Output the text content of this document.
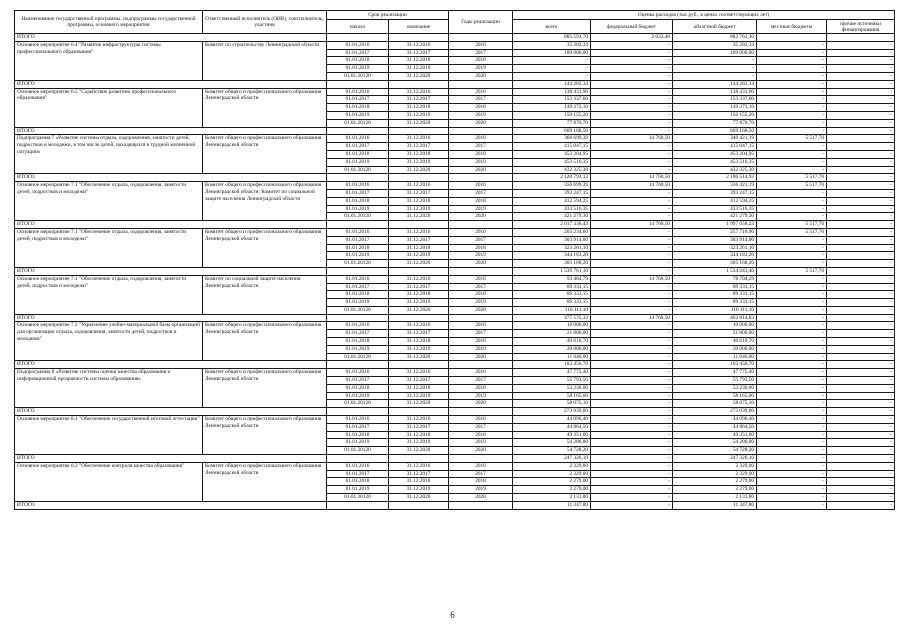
Наименование государственной программы, подпрограммы государственной программы, основного мероприятия	Ответственный исполнитель (ОИВ), соисполнитель, участник	Срок реализации		Годы реализации	Оценка расходов (тыс.руб., в ценах соответствующих лет)				
		начало	окончание		всего	федеральный бюджет	областной бюджет	местные бюджеты	прочие источники финансирования
ИТОГО					885 593,70	2 632,40	882 763,30		
Основное мероприятие 6.4 "Развитие инфраструктуры системы профессионального образования"	Комитет по строительству Ленинградской области	01.01.2016	31.12.2016	2016	35 282,34	-	35 282,34	-	-
		01.01.2017	31.12.2017	2017	109 000,00	-	109 000,00	-	-
		01.01.2018	31.12.2018	2018	-	-	-	-	-
		01.01.2019	31.12.2019	2019	-	-	-	-	-
		01.01.20120	31.12.2020	2020	-	-	-	-	-
ИТОГО					144 282,34	-	144 282,34	-	-
Основное мероприятие 6.5 "Содействие развитию профессионального образования"	Комитет общего и профессионального образования Ленинградской области	01.01.2016	31.12.2016	2016	138 431,90	-	138 431,90	-	-
		01.01.2017	31.12.2017	2017	153 337,60	-	153 337,60	-	-
		01.01.2018	31.12.2018	2018	149 373,10	-	149 373,10	-	-
		01.01.2019	31.12.2019	2019	150 155,20	-	150 155,20	-	-
		01.01.20120	31.12.2020	2020	77 870,70	-	77 870,70	-	-
ИТОГО					669 168,50	-	669 168,50	-	-
Подпрограмма 7 «Развитие системы отдыха, оздоровления, занятости детей, подростков и молодежи, в том числе детей, находящихся в трудной жизненной ситуации»	Комитет общего и профессионального образования Ленинградской области	01.01.2016	31.12.2016	2016	366 699,39	14 760,50	346 421,19	5 517,70	-
		01.01.2017	31.12.2017	2017	415 047,15	-	415 047,15	-	-
		01.01.2018	31.12.2018	2018	453 204,95	-	453 204,95	-	-
		01.01.2019	31.12.2019	2019	453 516,35	-	453 516,35	-	-
		01.01.20120	31.12.2020	2020	432 325,30	-	432 325,30	-	-
ИТОГО					2 120 793,13	14 760,50	2 100 514,93	5 517,70	-
Основное мероприятие 7.1 "Обеспечение отдыха, оздоровления, занятости детей, подростков и молодежи"	Комитет общего и профессионального образования Ленинградской области; Комитет по социальной защите населения Ленинградской области	01.01.2016	31.12.2016	2016	356 699,39	14 760,50	336 421,19	5 517,70	-
		01.01.2017	31.12.2017	2017	393 247,15	-	393 247,15	-	-
		01.01.2018	31.12.2018	2018	412 594,25	-	412 594,25	-	-
		01.01.2019	31.12.2019	2019	433 516,35	-	433 516,35	-	-
		01.01.20120	31.12.2020	2020	421 279,30	-	421 279,30	-	-
ИТОГО					2 017 336,43	14 760,50	1 997 058,23	5 517,70	-
Основное мероприятие 7.1 "Обеспечение отдыха, оздоровления, занятости детей, подростков и молодежи"	Комитет общего и профессионального образования Ленинградской области	01.01.2016	31.12.2016	2016	263 234,60	-	257 716,90	5 517,70	-
		01.01.2017	31.12.2017	2017	303 914,00	-	303 914,00	-	-
		01.01.2018	31.12.2018	2018	323 261,10	-	323 261,10	-	-
		01.01.2019	31.12.2019	2019	344 183,20	-	344 183,20	-	-
		01.01.20120	31.12.2020	2020	305 168,20	-	305 168,20	-	-
ИТОГО					1 539 761,10	-	1 534 243,40	5 517,70	-
Основное мероприятие 7.1 "Обеспечение отдыха, оздоровления, занятости детей, подростков и молодежи"	Комитет по социальной защите населения Ленинградской области	01.01.2016	31.12.2016	2016	93 464,79	14 760,50	78 704,29	-	-
		01.01.2017	31.12.2017	2017	89 333,15	-	89 333,15	-	-
		01.01.2018	31.12.2018	2018	89 333,15	-	89 333,15	-	-
		01.01.2019	31.12.2019	2019	89 333,15	-	89 333,15	-	-
		01.01.20120	31.12.2020	2020	116 111,10	-	116 111,10	-	-
ИТОГО					477 575,33	14 760,50	462 814,83	-	-
Основное мероприятие 7.2 "Укрепление учебно-материальной базы организаций для организации отдыха, оздоровления, занятости детей, подростков и молодежи"	Комитет общего и профессионального образования Ленинградской области	01.01.2016	31.12.2016	2016	10 000,00	-	10 000,00	-	-
		01.01.2017	31.12.2017	2017	21 800,00	-	21 800,00	-	-
		01.01.2018	31.12.2018	2018	40 610,70	-	40 610,70	-	-
		01.01.2019	31.12.2019	2019	20 000,00	-	20 000,00	-	-
		01.01.20120	31.12.2020	2020	11 046,00	-	11 046,00	-	-
ИТОГО					103 456,70	-	103 456,70	-	-
Подпрограмма 8 «Развитие системы оценки качества образования и информационной прозрачности системы образования»	Комитет общего и профессионального образования Ленинградской области	01.01.2016	31.12.2016	2016	47 775,40	-	47 775,40	-	-
		01.01.2017	31.12.2017	2017	55 793,50	-	55 793,50	-	-
		01.01.2018	31.12.2018	2018	53 230,00	-	53 230,00	-	-
		01.01.2019	31.12.2019	2019	58 165,00	-	58 165,00	-	-
		01.01.20120	31.12.2020	2020	58 075,10	-	58 075,10	-	-
ИТОГО					273 039,00	-	273 039,00	-	-
Основное мероприятие 8.1 "Обеспечение государственной итоговой аттестации"	Комитет общего и профессионального образования Ленинградской области	01.01.2016	31.12.2016	2016	44 096,40	-	44 096,40	-	-
		01.01.2017	31.12.2017	2017	44 864,50	-	44 864,50	-	-
		01.01.2018	31.12.2018	2018	49 351,00	-	49 351,00	-	-
		01.01.2019	31.12.2019	2019	54 286,00	-	54 286,00	-	-
		01.01.20120	31.12.2020	2020	54 728,20	-	54 728,20	-	-
ИТОГО					247 326,10	-	247 326,10	-	-
Основное мероприятие 8.2 "Обеспечение контроля качества образования"	Комитет общего и профессионального образования Ленинградской области	01.01.2016	31.12.2016	2016	2 329,00	-	2 329,00	-	-
		01.01.2017	31.12.2017	2017	2 329,00	-	2 329,00	-	-
		01.01.2018	31.12.2018	2018	2 279,00	-	2 279,00	-	-
		01.01.2019	31.12.2019	2019	2 279,00	-	2 279,00	-	-
		01.01.20120	31.12.2020	2020	2 131,80	-	2 131,80	-	-
ИТОГО					11 347,80	-	11 347,80	-	-
6
